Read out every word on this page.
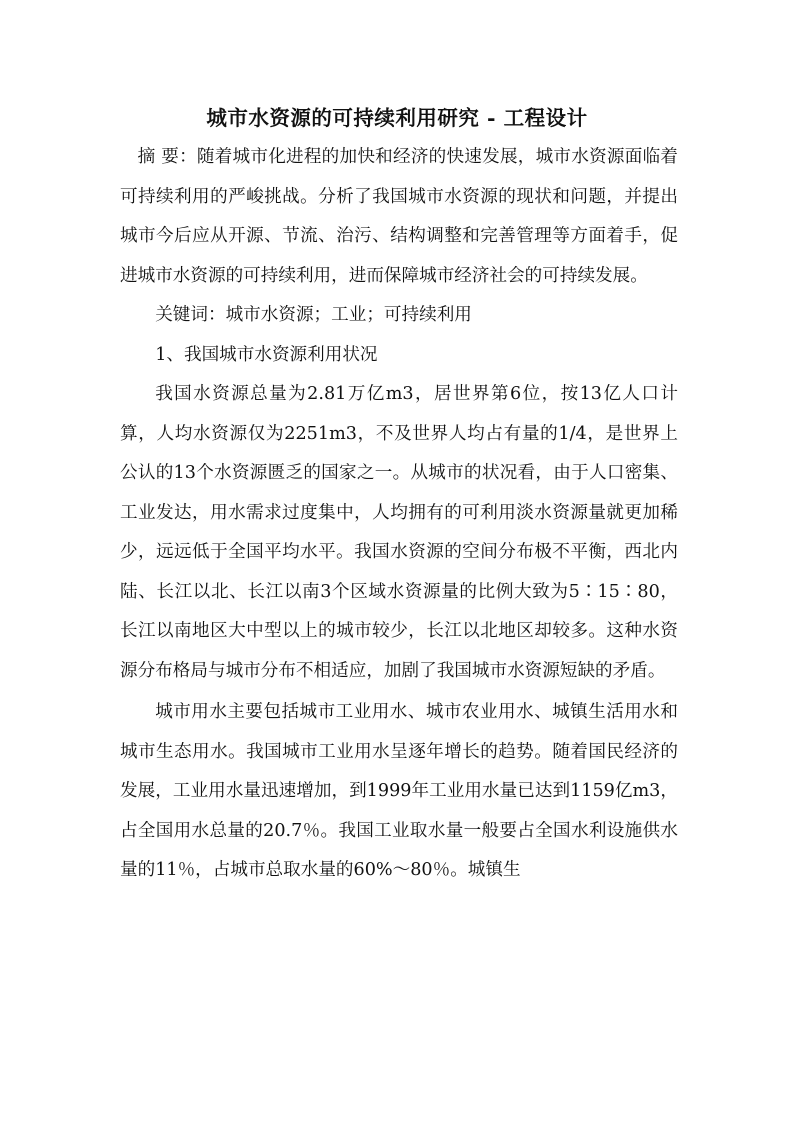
城市水资源的可持续利用研究 - 工程设计

摘 要：随着城市化进程的加快和经济的快速发展，城市水资源面临着可持续利用的严峻挑战。分析了我国城市水资源的现状和问题，并提出城市今后应从开源、节流、治污、结构调整和完善管理等方面着手，促进城市水资源的可持续利用，进而保障城市经济社会的可持续发展。

关键词：城市水资源；工业；可持续利用

1、我国城市水资源利用状况

我国水资源总量为2.81万亿m3，居世界第6位，按13亿人口计算，人均水资源仅为2251m3，不及世界人均占有量的1/4，是世界上公认的13个水资源匮乏的国家之一。从城市的状况看，由于人口密集、工业发达，用水需求过度集中，人均拥有的可利用淡水资源量就更加稀少，远远低于全国平均水平。我国水资源的空间分布极不平衡，西北内陆、长江以北、长江以南3个区域水资源量的比例大致为5∶15∶80，长江以南地区大中型以上的城市较少，长江以北地区却较多。这种水资源分布格局与城市分布不相适应，加剧了我国城市水资源短缺的矛盾。

城市用水主要包括城市工业用水、城市农业用水、城镇生活用水和城市生态用水。我国城市工业用水呈逐年增长的趋势。随着国民经济的发展，工业用水量迅速增加，到1999年工业用水量已达到1159亿m3，占全国用水总量的20.7％。我国工业取水量一般要占全国水利设施供水量的11％，占城市总取水量的60%～80％。城镇生
